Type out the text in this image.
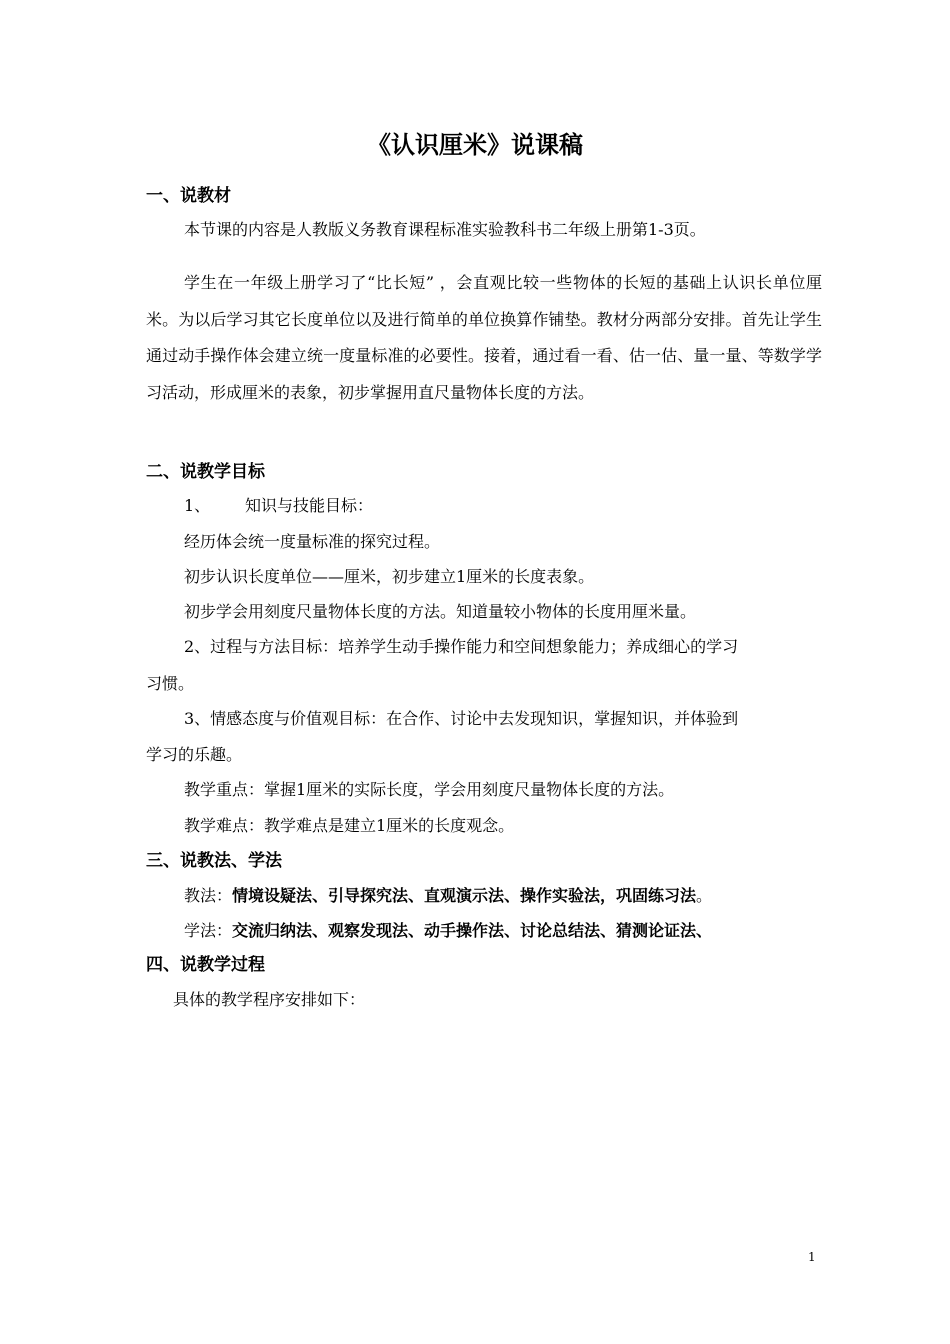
《认识厘米》说课稿
一、说教材
本节课的内容是人教版义务教育课程标准实验教科书二年级上册第1-3页。
学生在一年级上册学习了“比长短” ，会直观比较一些物体的长短的基础上认识长单位厘米。为以后学习其它长度单位以及进行简单的单位换算作铺垫。教材分两部分安排。首先让学生通过动手操作体会建立统一度量标准的必要性。接着，通过看一看、估一估、量一量、等数学学习活动，形成厘米的表象，初步掌握用直尺量物体长度的方法。
二、说教学目标
1、	知识与技能目标：
经历体会统一度量标准的探究过程。
初步认识长度单位——厘米，初步建立1厘米的长度表象。
初步学会用刻度尺量物体长度的方法。知道量较小物体的长度用厘米量。
2、过程与方法目标：培养学生动手操作能力和空间想象能力；养成细心的学习
习惯。
3、情感态度与价值观目标：在合作、讨论中去发现知识，掌握知识，并体验到
学习的乐趣。
教学重点：掌握1厘米的实际长度，学会用刻度尺量物体长度的方法。
教学难点：教学难点是建立1厘米的长度观念。
三、说教法、学法
教法：情境设疑法、引导探究法、直观演示法、操作实验法，巩固练习法。
学法：交流归纳法、观察发现法、动手操作法、讨论总结法、猜测论证法、
四、说教学过程
具体的教学程序安排如下：
1
